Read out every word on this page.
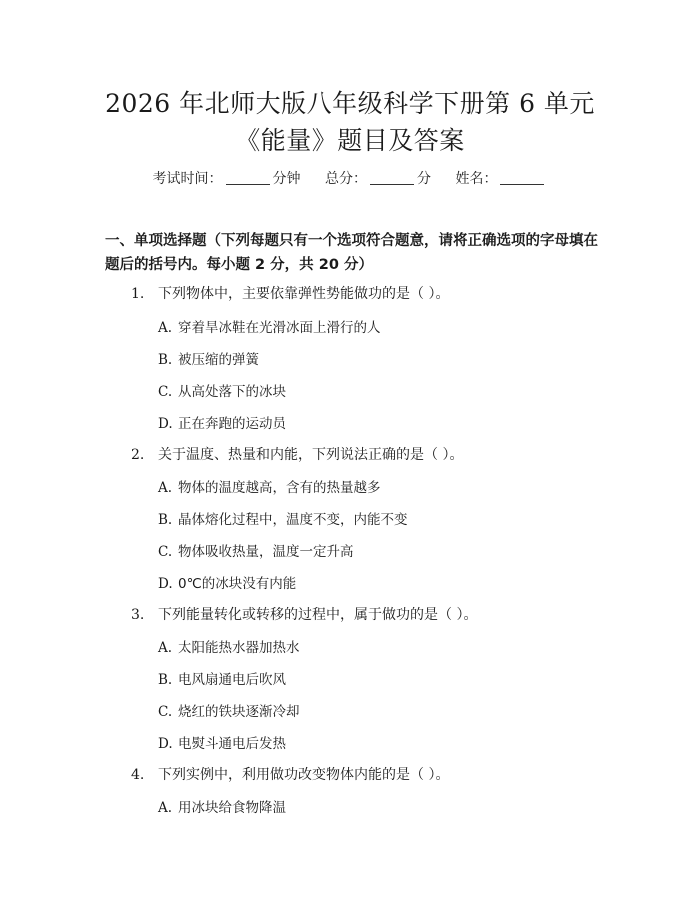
2026 年北师大版八年级科学下册第 6 单元
《能量》题目及答案
考试时间：	分钟 总分：	分 姓名：
一、单项选择题（下列每题只有一个选项符合题意，请将正确选项的字母填在题后的括号内。每小题 2 分，共 20 分）
1. 下列物体中，主要依靠弹性势能做功的是（ ）。
A. 穿着旱冰鞋在光滑冰面上滑行的人
B. 被压缩的弹簧
C. 从高处落下的冰块
D. 正在奔跑的运动员
2. 关于温度、热量和内能，下列说法正确的是（ ）。
A. 物体的温度越高，含有的热量越多
B. 晶体熔化过程中，温度不变，内能不变
C. 物体吸收热量，温度一定升高
D. 0℃的冰块没有内能
3. 下列能量转化或转移的过程中，属于做功的是（ ）。
A. 太阳能热水器加热水
B. 电风扇通电后吹风
C. 烧红的铁块逐渐冷却
D. 电熨斗通电后发热
4. 下列实例中，利用做功改变物体内能的是（ ）。
A. 用冰块给食物降温
